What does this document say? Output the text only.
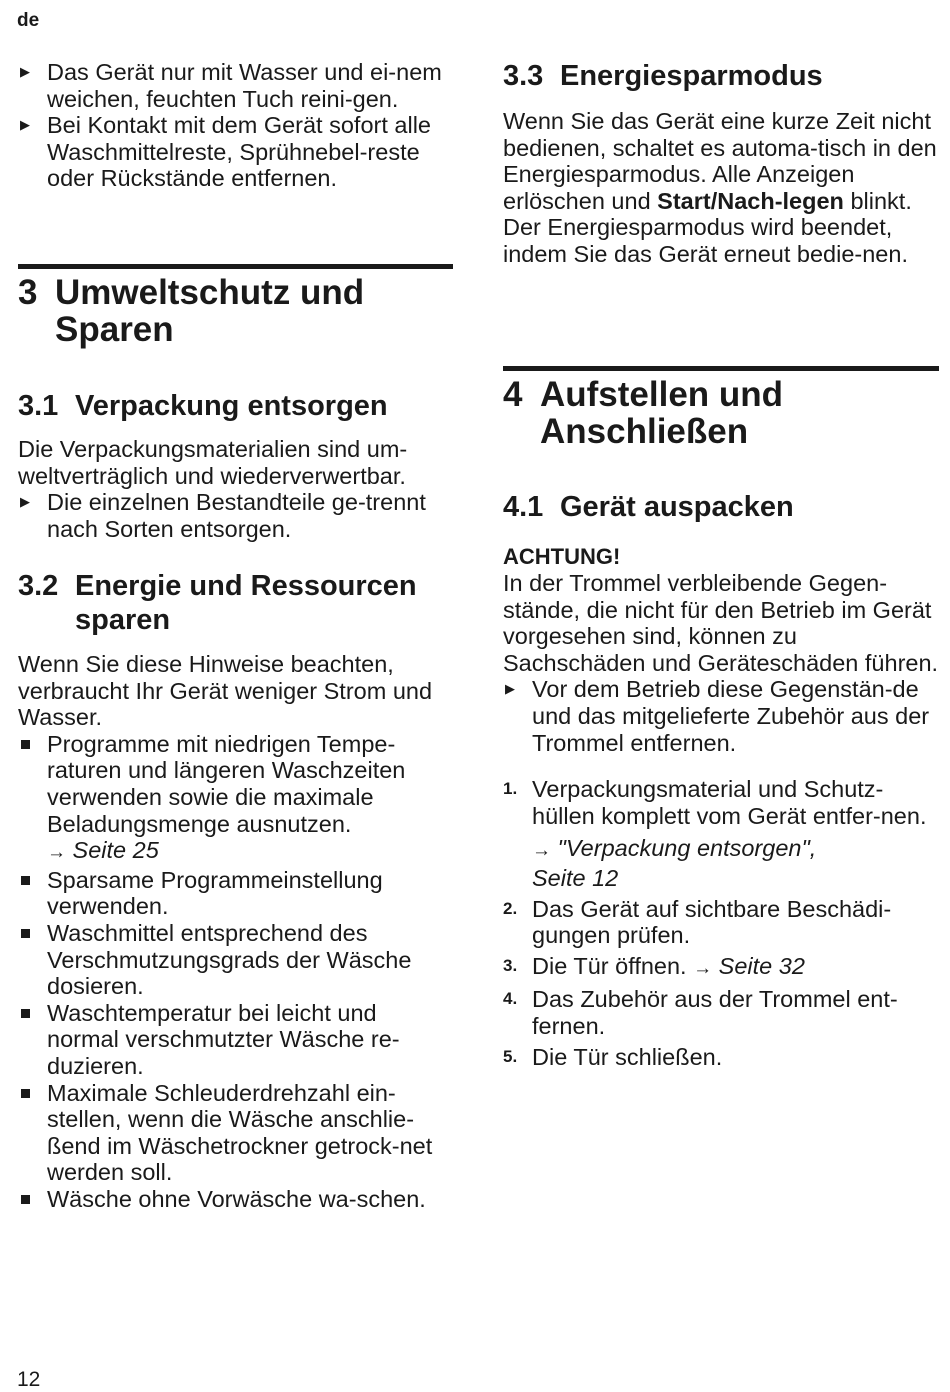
de
▶ Das Gerät nur mit Wasser und ei-nem weichen, feuchten Tuch reini-gen.
▶ Bei Kontakt mit dem Gerät sofort alle Waschmittelreste, Sprühnebel-reste oder Rückstände entfernen.
3 Umweltschutz und
Sparen
3.1 Verpackung entsorgen

Die Verpackungsmaterialien sind um-weltverträglich und wiederverwertbar.

▶ Die einzelnen Bestandteile ge-trennt nach Sorten entsorgen.
3.2 Energie und Ressourcen
sparen

Wenn Sie diese Hinweise beachten, verbraucht Ihr Gerät weniger Strom und Wasser.

Programme mit niedrigen Tempe-raturen und längeren Waschzeiten verwenden sowie die maximale Beladungsmenge ausnutzen.
→ Seite 25
Sparsame Programmeinstellung verwenden.
Waschmittel entsprechend des Verschmutzungsgrads der Wäsche dosieren.
Waschtemperatur bei leicht und normal verschmutzter Wäsche re-duzieren.
Maximale Schleuderdrehzahl ein-stellen, wenn die Wäsche anschlie-ßend im Wäschetrockner getrock-net werden soll.
Wäsche ohne Vorwäsche wa-schen.
3.3 Energiesparmodus

Wenn Sie das Gerät eine kurze Zeit nicht bedienen, schaltet es automa-tisch in den Energiesparmodus. Alle Anzeigen erlöschen und Start/Nach-legen blinkt.

Der Energiesparmodus wird beendet, indem Sie das Gerät erneut bedie-nen.

4 Aufstellen und
Anschließen
4.1 Gerät auspacken
ACHTUNG!

In der Trommel verbleibende Gegen-stände, die nicht für den Betrieb im Gerät vorgesehen sind, können zu Sachschäden und Geräteschäden führen.

▶ Vor dem Betrieb diese Gegenstän-de und das mitgelieferte Zubehör aus der Trommel entfernen.
1. Verpackungsmaterial und Schutz-hüllen komplett vom Gerät entfer-nen.
→ "Verpackung entsorgen",
Seite 12
2. Das Gerät auf sichtbare Beschädi-gungen prüfen.
3. Die Tür öffnen. → Seite 32
4. Das Zubehör aus der Trommel ent-fernen.
5. Die Tür schließen.
12
